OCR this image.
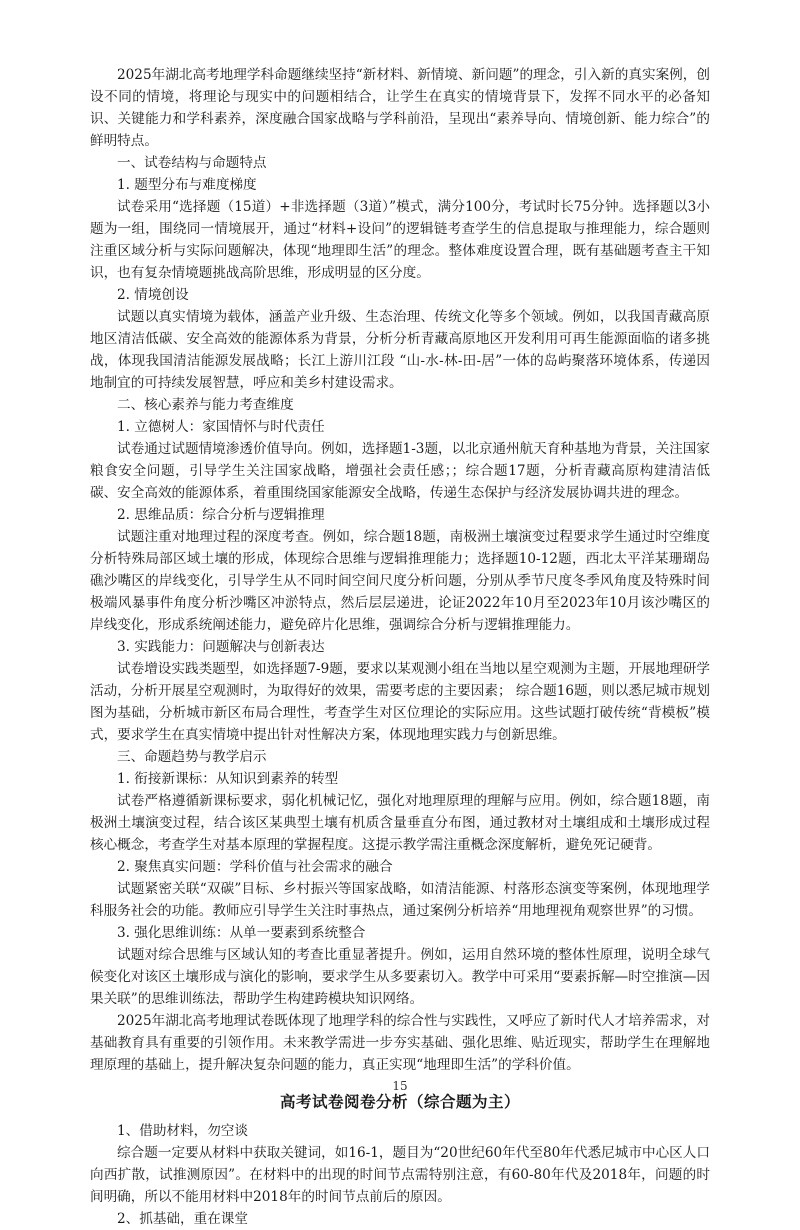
2025年湖北高考地理学科命题继续坚持“新材料、新情境、新问题”的理念，引入新的真实案例，创设不同的情境，将理论与现实中的问题相结合，让学生在真实的情境背景下，发挥不同水平的必备知识、关键能力和学科素养，深度融合国家战略与学科前沿，呈现出“素养导向、情境创新、能力综合”的鲜明特点。

一、试卷结构与命题特点

1. 题型分布与难度梯度

试卷采用“选择题（15道）+非选择题（3道）”模式，满分100分，考试时长75分钟。选择题以3小题为一组，围绕同一情境展开，通过“材料+设问”的逻辑链考查学生的信息提取与推理能力，综合题则注重区域分析与实际问题解决，体现“地理即生活”的理念。整体难度设置合理，既有基础题考查主干知识，也有复杂情境题挑战高阶思维，形成明显的区分度。

2. 情境创设

试题以真实情境为载体，涵盖产业升级、生态治理、传统文化等多个领域。例如，以我国青藏高原地区清洁低碳、安全高效的能源体系为背景，分析分析青藏高原地区开发利用可再生能源面临的诸多挑战，体现我国清洁能源发展战略；长江上游川江段 “山-水-林-田-居”一体的岛屿聚落环境体系，传递因地制宜的可持续发展智慧，呼应和美乡村建设需求。

二、核心素养与能力考查维度

1. 立德树人：家国情怀与时代责任

试卷通过试题情境渗透价值导向。例如，选择题1-3题，以北京通州航天育种基地为背景，关注国家粮食安全问题，引导学生关注国家战略，增强社会责任感；；综合题17题，分析青藏高原构建清洁低碳、安全高效的能源体系，着重围绕国家能源安全战略，传递生态保护与经济发展协调共进的理念。

2. 思维品质：综合分析与逻辑推理

试题注重对地理过程的深度考查。例如，综合题18题，南极洲土壤演变过程要求学生通过时空维度分析特殊局部区域土壤的形成，体现综合思维与逻辑推理能力；选择题10-12题，西北太平洋某珊瑚岛礁沙嘴区的岸线变化，引导学生从不同时间空间尺度分析问题，分别从季节尺度冬季风角度及特殊时间极端风暴事件角度分析沙嘴区冲淤特点，然后层层递进，论证2022年10月至2023年10月该沙嘴区的岸线变化，形成系统阐述能力，避免碎片化思维，强调综合分析与逻辑推理能力。

3. 实践能力：问题解决与创新表达

试卷增设实践类题型，如选择题7-9题，要求以某观测小组在当地以星空观测为主题，开展地理研学活动，分析开展星空观测时，为取得好的效果，需要考虑的主要因素； 综合题16题，则以悉尼城市规划图为基础，分析城市新区布局合理性，考查学生对区位理论的实际应用。这些试题打破传统“背模板”模式，要求学生在真实情境中提出针对性解决方案，体现地理实践力与创新思维。

三、命题趋势与教学启示

1. 衔接新课标：从知识到素养的转型

试卷严格遵循新课标要求，弱化机械记忆，强化对地理原理的理解与应用。例如，综合题18题，南极洲土壤演变过程，结合该区某典型土壤有机质含量垂直分布图，通过教材对土壤组成和土壤形成过程核心概念，考查学生对基本原理的掌握程度。这提示教学需注重概念深度解析，避免死记硬背。

2. 聚焦真实问题：学科价值与社会需求的融合

试题紧密关联“双碳”目标、乡村振兴等国家战略，如清洁能源、村落形态演变等案例，体现地理学科服务社会的功能。教师应引导学生关注时事热点，通过案例分析培养“用地理视角观察世界”的习惯。

3. 强化思维训练：从单一要素到系统整合

试题对综合思维与区域认知的考查比重显著提升。例如，运用自然环境的整体性原理，说明全球气候变化对该区土壤形成与演化的影响，要求学生从多要素切入。教学中可采用“要素拆解—时空推演—因果关联”的思维训练法，帮助学生构建跨模块知识网络。

2025年湖北高考地理试卷既体现了地理学科的综合性与实践性，又呼应了新时代人才培养需求，对基础教育具有重要的引领作用。未来教学需进一步夯实基础、强化思维、贴近现实，帮助学生在理解地理原理的基础上，提升解决复杂问题的能力，真正实现“地理即生活”的学科价值。

高考试卷阅卷分析（综合题为主）

1、借助材料，勿空谈

综合题一定要从材料中获取关键词，如16-1，题目为“20世纪60年代至80年代悉尼城市中心区人口向西扩散，试推测原因”。在材料中的出现的时间节点需特别注意，有60-80年代及2018年，问题的时间明确，所以不能用材料中2018年的时间节点前后的原因。

2、抓基础，重在课堂

15
